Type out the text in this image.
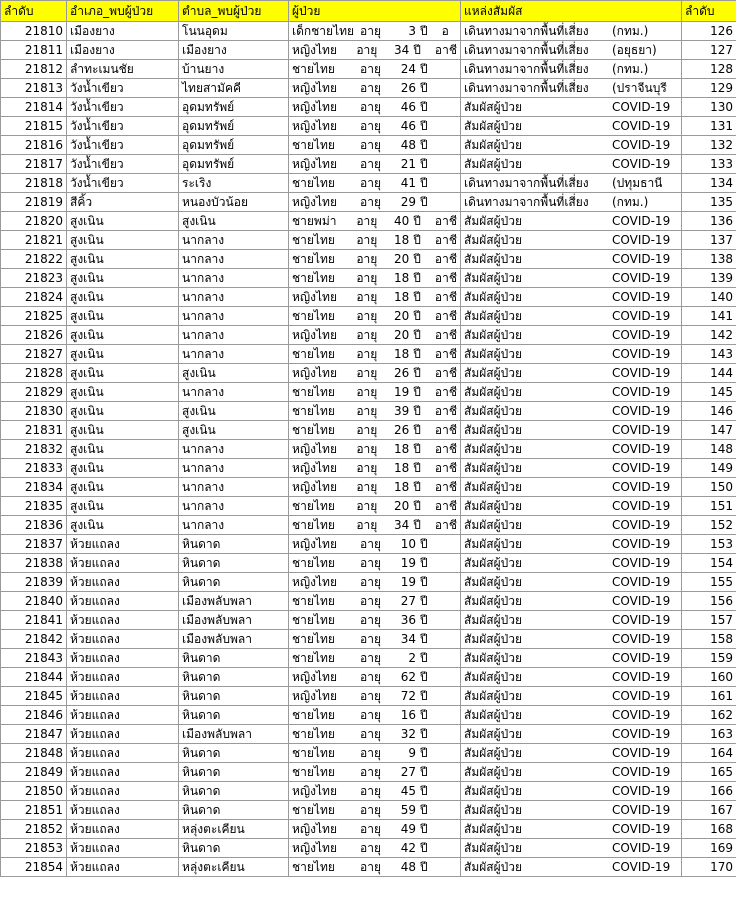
ลำดับ	อำเภอ_พบผู้ป่วย	ตำบล_พบผู้ป่วย	ผู้ป่วย	แหล่งสัมผัส	ลำดับ
21810	เมืองยาง	โนนอุดม	เด็กชายไทย อายุ 3 ปี อ	เดินทางมาจากพื้นที่เสี่ยง (กทม.)	126
21811	เมืองยาง	เมืองยาง	หญิงไทย อายุ 34 ปี อาชี	เดินทางมาจากพื้นที่เสี่ยง (อยุธยา)	127
21812	ลำทะเมนชัย	บ้านยาง	ชายไทย อายุ 24 ปี	เดินทางมาจากพื้นที่เสี่ยง (กทม.)	128
21813	วังน้ำเขียว	ไทยสามัคคี	หญิงไทย อายุ 26 ปี	เดินทางมาจากพื้นที่เสี่ยง (ปราจีนบุรี	129
21814	วังน้ำเขียว	อุดมทรัพย์	หญิงไทย อายุ 46 ปี	สัมผัสผู้ป่วย COVID-19	130
21815	วังน้ำเขียว	อุดมทรัพย์	หญิงไทย อายุ 46 ปี	สัมผัสผู้ป่วย COVID-19	131
21816	วังน้ำเขียว	อุดมทรัพย์	ชายไทย อายุ 48 ปี	สัมผัสผู้ป่วย COVID-19	132
21817	วังน้ำเขียว	อุดมทรัพย์	หญิงไทย อายุ 21 ปี	สัมผัสผู้ป่วย COVID-19	133
21818	วังน้ำเขียว	ระเริง	ชายไทย อายุ 41 ปี	เดินทางมาจากพื้นที่เสี่ยง (ปทุมธานี	134
21819	สีคิ้ว	หนองบัวน้อย	หญิงไทย อายุ 29 ปี	เดินทางมาจากพื้นที่เสี่ยง (กทม.)	135
21820	สูงเนิน	สูงเนิน	ชายพม่า อายุ 40 ปี อาชี	สัมผัสผู้ป่วย COVID-19	136
21821	สูงเนิน	นากลาง	ชายไทย อายุ 18 ปี อาชี	สัมผัสผู้ป่วย COVID-19	137
21822	สูงเนิน	นากลาง	ชายไทย อายุ 20 ปี อาชี	สัมผัสผู้ป่วย COVID-19	138
21823	สูงเนิน	นากลาง	ชายไทย อายุ 18 ปี อาชี	สัมผัสผู้ป่วย COVID-19	139
21824	สูงเนิน	นากลาง	หญิงไทย อายุ 18 ปี อาชี	สัมผัสผู้ป่วย COVID-19	140
21825	สูงเนิน	นากลาง	ชายไทย อายุ 20 ปี อาชี	สัมผัสผู้ป่วย COVID-19	141
21826	สูงเนิน	นากลาง	หญิงไทย อายุ 20 ปี อาชี	สัมผัสผู้ป่วย COVID-19	142
21827	สูงเนิน	นากลาง	ชายไทย อายุ 18 ปี อาชี	สัมผัสผู้ป่วย COVID-19	143
21828	สูงเนิน	สูงเนิน	หญิงไทย อายุ 26 ปี อาชี	สัมผัสผู้ป่วย COVID-19	144
21829	สูงเนิน	นากลาง	ชายไทย อายุ 19 ปี อาชี	สัมผัสผู้ป่วย COVID-19	145
21830	สูงเนิน	สูงเนิน	ชายไทย อายุ 39 ปี อาชี	สัมผัสผู้ป่วย COVID-19	146
21831	สูงเนิน	สูงเนิน	ชายไทย อายุ 26 ปี อาชี	สัมผัสผู้ป่วย COVID-19	147
21832	สูงเนิน	นากลาง	หญิงไทย อายุ 18 ปี อาชี	สัมผัสผู้ป่วย COVID-19	148
21833	สูงเนิน	นากลาง	หญิงไทย อายุ 18 ปี อาชี	สัมผัสผู้ป่วย COVID-19	149
21834	สูงเนิน	นากลาง	หญิงไทย อายุ 18 ปี อาชี	สัมผัสผู้ป่วย COVID-19	150
21835	สูงเนิน	นากลาง	ชายไทย อายุ 20 ปี อาชี	สัมผัสผู้ป่วย COVID-19	151
21836	สูงเนิน	นากลาง	ชายไทย อายุ 34 ปี อาชี	สัมผัสผู้ป่วย COVID-19	152
21837	ห้วยแถลง	หินดาด	หญิงไทย อายุ 10 ปี	สัมผัสผู้ป่วย COVID-19	153
21838	ห้วยแถลง	หินดาด	ชายไทย อายุ 19 ปี	สัมผัสผู้ป่วย COVID-19	154
21839	ห้วยแถลง	หินดาด	หญิงไทย อายุ 19 ปี	สัมผัสผู้ป่วย COVID-19	155
21840	ห้วยแถลง	เมืองพลับพลา	ชายไทย อายุ 27 ปี	สัมผัสผู้ป่วย COVID-19	156
21841	ห้วยแถลง	เมืองพลับพลา	ชายไทย อายุ 36 ปี	สัมผัสผู้ป่วย COVID-19	157
21842	ห้วยแถลง	เมืองพลับพลา	ชายไทย อายุ 34 ปี	สัมผัสผู้ป่วย COVID-19	158
21843	ห้วยแถลง	หินดาด	ชายไทย อายุ 2 ปี	สัมผัสผู้ป่วย COVID-19	159
21844	ห้วยแถลง	หินดาด	หญิงไทย อายุ 62 ปี	สัมผัสผู้ป่วย COVID-19	160
21845	ห้วยแถลง	หินดาด	หญิงไทย อายุ 72 ปี	สัมผัสผู้ป่วย COVID-19	161
21846	ห้วยแถลง	หินดาด	ชายไทย อายุ 16 ปี	สัมผัสผู้ป่วย COVID-19	162
21847	ห้วยแถลง	เมืองพลับพลา	ชายไทย อายุ 32 ปี	สัมผัสผู้ป่วย COVID-19	163
21848	ห้วยแถลง	หินดาด	ชายไทย อายุ 9 ปี	สัมผัสผู้ป่วย COVID-19	164
21849	ห้วยแถลง	หินดาด	ชายไทย อายุ 27 ปี	สัมผัสผู้ป่วย COVID-19	165
21850	ห้วยแถลง	หินดาด	หญิงไทย อายุ 45 ปี	สัมผัสผู้ป่วย COVID-19	166
21851	ห้วยแถลง	หินดาด	ชายไทย อายุ 59 ปี	สัมผัสผู้ป่วย COVID-19	167
21852	ห้วยแถลง	หลุ่งตะเคียน	หญิงไทย อายุ 49 ปี	สัมผัสผู้ป่วย COVID-19	168
21853	ห้วยแถลง	หินดาด	หญิงไทย อายุ 42 ปี	สัมผัสผู้ป่วย COVID-19	169
21854	ห้วยแถลง	หลุ่งตะเคียน	ชายไทย อายุ 48 ปี	สัมผัสผู้ป่วย COVID-19	170
